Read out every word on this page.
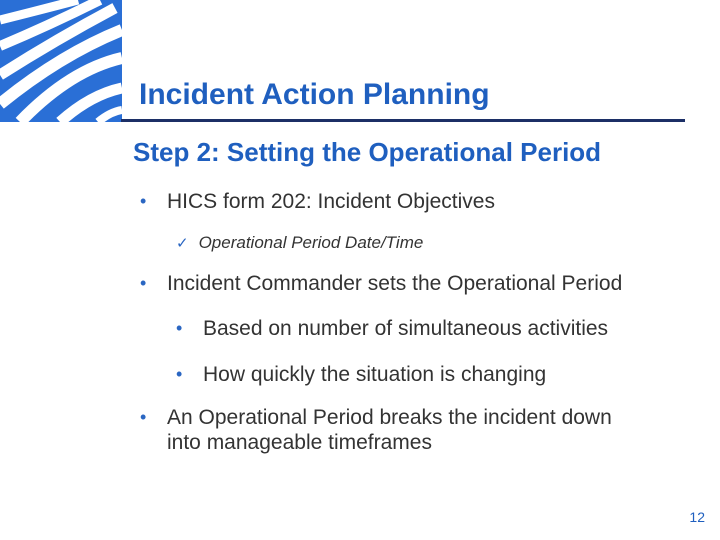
Incident Action Planning
Step 2: Setting the Operational Period
• HICS form 202: Incident Objectives
✓ Operational Period Date/Time
• Incident Commander sets the Operational Period
• Based on number of simultaneous activities
• How quickly the situation is changing
• An Operational Period breaks the incident down
into manageable timeframes
12
